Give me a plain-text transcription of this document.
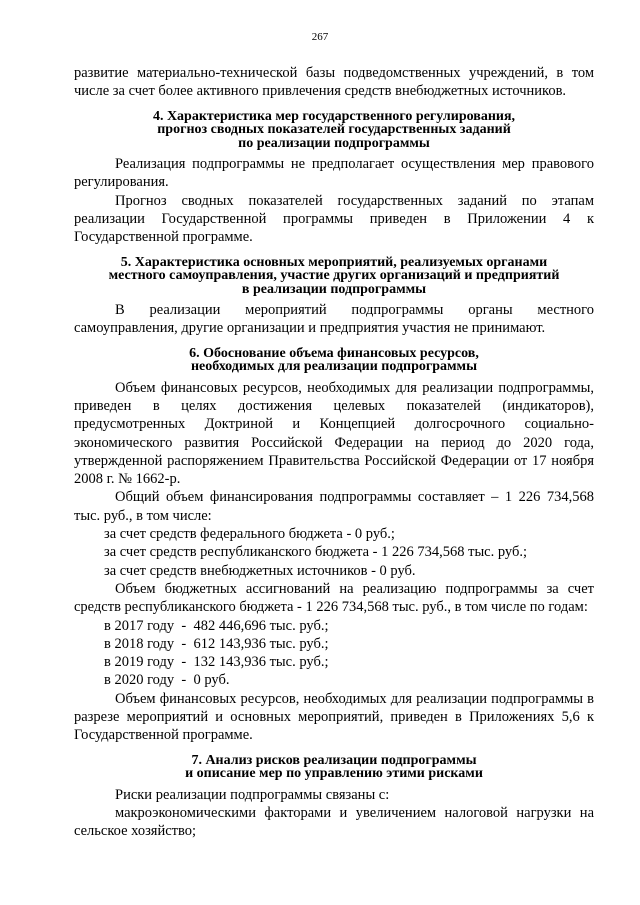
267

развитие материально-технической базы подведомственных учреждений, в том числе за счет более активного привлечения средств внебюджетных источников.

4. Характеристика мер государственного регулирования,
прогноз сводных показателей государственных заданий
по реализации подпрограммы

Реализация подпрограммы не предполагает осуществления мер правового регулирования.

Прогноз сводных показателей государственных заданий по этапам реализации Государственной программы приведен в Приложении 4 к Государственной программе.

5. Характеристика основных мероприятий, реализуемых органами
местного самоуправления, участие других организаций и предприятий
в реализации подпрограммы

В реализации мероприятий подпрограммы органы местного самоуправления, другие организации и предприятия участия не принимают.

6. Обоснование объема финансовых ресурсов,
необходимых для реализации подпрограммы

Объем финансовых ресурсов, необходимых для реализации подпрограммы, приведен в целях достижения целевых показателей (индикаторов), предусмотренных Доктриной и Концепцией долгосрочного социально-экономического развития Российской Федерации на период до 2020 года, утвержденной распоряжением Правительства Российской Федерации от 17 ноября 2008 г. № 1662-р.

Общий объем финансирования подпрограммы составляет – 1 226 734,568 тыс. руб., в том числе:

за счет средств федерального бюджета - 0 руб.;

за счет средств республиканского бюджета - 1 226 734,568 тыс. руб.;

за счет средств внебюджетных источников - 0 руб.

Объем бюджетных ассигнований на реализацию подпрограммы за счет средств республиканского бюджета - 1 226 734,568 тыс. руб., в том числе по годам:

в 2017 году  -  482 446,696 тыс. руб.;

в 2018 году  -  612 143,936 тыс. руб.;

в 2019 году  -  132 143,936 тыс. руб.;

в 2020 году  -  0 руб.

Объем финансовых ресурсов, необходимых для реализации подпрограммы в разрезе мероприятий и основных мероприятий, приведен в Приложениях 5,6 к Государственной программе.

7. Анализ рисков реализации подпрограммы
и описание мер по управлению этими рисками

Риски реализации подпрограммы связаны с:

макроэкономическими факторами и увеличением налоговой нагрузки на сельское хозяйство;
